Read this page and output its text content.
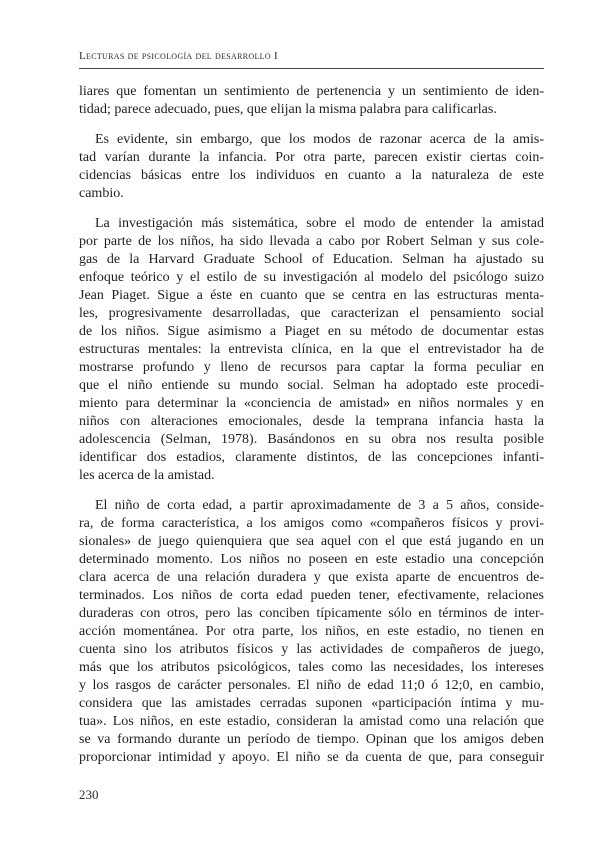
Lecturas de psicología del desarrollo I
liares que fomentan un sentimiento de pertenencia y un sentimiento de iden-
tidad; parece adecuado, pues, que elijan la misma palabra para calificarlas.
Es evidente, sin embargo, que los modos de razonar acerca de la amis-
tad varían durante la infancia. Por otra parte, parecen existir ciertas coin-
cidencias básicas entre los individuos en cuanto a la naturaleza de este
cambio.
La investigación más sistemática, sobre el modo de entender la amistad
por parte de los niños, ha sido llevada a cabo por Robert Selman y sus cole-
gas de la Harvard Graduate School of Education. Selman ha ajustado su
enfoque teórico y el estilo de su investigación al modelo del psicólogo suizo
Jean Piaget. Sigue a éste en cuanto que se centra en las estructuras menta-
les, progresivamente desarrolladas, que caracterizan el pensamiento social
de los niños. Sigue asimismo a Piaget en su método de documentar estas
estructuras mentales: la entrevista clínica, en la que el entrevistador ha de
mostrarse profundo y lleno de recursos para captar la forma peculiar en
que el niño entiende su mundo social. Selman ha adoptado este procedi-
miento para determinar la «conciencia de amistad» en niños normales y en
niños con alteraciones emocionales, desde la temprana infancia hasta la
adolescencia (Selman, 1978). Basándonos en su obra nos resulta posible
identificar dos estadios, claramente distintos, de las concepciones infanti-
les acerca de la amistad.
El niño de corta edad, a partir aproximadamente de 3 a 5 años, conside-
ra, de forma característica, a los amigos como «compañeros físicos y provi-
sionales» de juego quienquiera que sea aquel con el que está jugando en un
determinado momento. Los niños no poseen en este estadio una concepción
clara acerca de una relación duradera y que exista aparte de encuentros de-
terminados. Los niños de corta edad pueden tener, efectivamente, relaciones
duraderas con otros, pero las conciben típicamente sólo en términos de inter-
acción momentánea. Por otra parte, los niños, en este estadio, no tienen en
cuenta sino los atributos físicos y las actividades de compañeros de juego,
más que los atributos psicológicos, tales como las necesidades, los intereses
y los rasgos de carácter personales. El niño de edad 11;0 ó 12;0, en cambio,
considera que las amistades cerradas suponen «participación íntima y mu-
tua». Los niños, en este estadio, consideran la amistad como una relación que
se va formando durante un período de tiempo. Opinan que los amigos deben
proporcionar intimidad y apoyo. El niño se da cuenta de que, para conseguir
230
